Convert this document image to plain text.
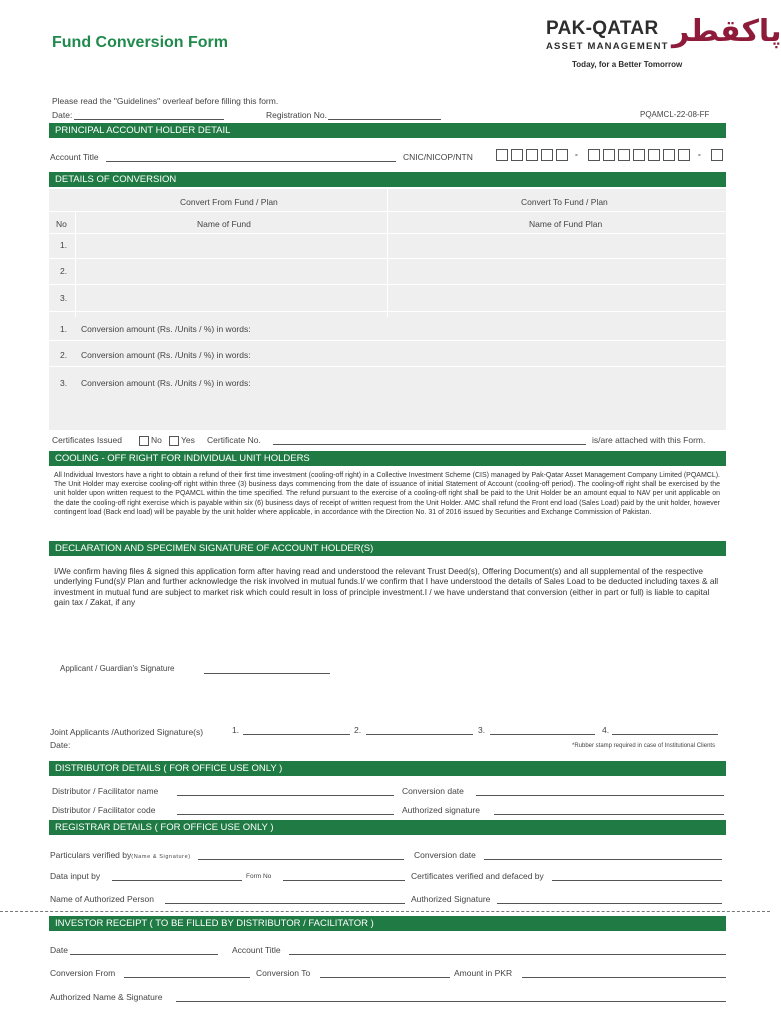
Fund Conversion Form
PAK-QATAR
ASSET MANAGEMENT پاکقطر
Today, for a Better Tomorrow
Please read the "Guidelines" overleaf before filling this form.
Date:	Registration No.	PQAMCL-22-08-FF
PRINCIPAL ACCOUNT HOLDER DETAIL
Account Title	CNIC/NICOP/NTN	-	-
DETAILS OF CONVERSION
Convert From Fund / Plan	Convert To Fund / Plan
No	Name of Fund	Name of Fund Plan
1.
2.
3.
1. Conversion amount (Rs. /Units / %) in words:
2. Conversion amount (Rs. /Units / %) in words:
3. Conversion amount (Rs. /Units / %) in words:
Certificates Issued	No	Yes Certificate No.	is/are attached with this Form.
COOLING - OFF RIGHT FOR INDIVIDUAL UNIT HOLDERS
All Individual Investors have a right to obtain a refund of their first time investment (cooling-off right) in a Collective Investment Scheme (CIS) managed by Pak-Qatar Asset Management Company Limited (PQAMCL). The Unit Holder may exercise cooling-off right within three (3) business days commencing from the date of issuance of initial Statement of Account (cooling-off period). The cooling-off right shall be exercised by the unit holder upon written request to the PQAMCL within the time specified. The refund pursuant to the exercise of a cooling-off right shall be paid to the Unit Holder be an amount equal to NAV per unit applicable on the date the cooling-off right exercise which is payable within six (6) business days of receipt of written request from the Unit Holder. AMC shall refund the Front end load (Sales Load) paid by the unit holder, however contingent load (Back end load) will be payable by the unit holder where applicable, in accordance with the Direction No. 31 of 2016 issued by Securities and Exchange Commission of Pakistan.
DECLARATION AND SPECIMEN SIGNATURE OF ACCOUNT HOLDER(S)
I/We confirm having files & signed this application form after having read and understood the relevant Trust Deed(s), Offering Document(s) and all supplemental of the respective underlying Fund(s)/ Plan and further acknowledge the risk involved in mutual funds.I/ we confirm that I have understood the details of Sales Load to be deducted including taxes & all investment in mutual fund are subject to market risk which could result in loss of principle investment.I / we have understand that conversion (either in part or full) is liable to capital gain tax / Zakat, if any
Applicant / Guardian's Signature
Joint Applicants /Authorized Signature(s)	1.	2.	3.	4.
Date:	*Rubber stamp required in case of Institutional Clients
DISTRIBUTOR DETAILS ( FOR OFFICE USE ONLY )
Distributor / Facilitator name	Conversion date
Distributor / Facilitator code	Authorized signature
REGISTRAR DETAILS ( FOR OFFICE USE ONLY )
Particulars verified by(Name & Signature)	Conversion date
Data input by	Form No	Certificates verified and defaced by
Name of Authorized Person	Authorized Signature
INVESTOR RECEIPT ( TO BE FILLED BY DISTRIBUTOR / FACILITATOR )
Date	Account Title
Conversion From	Conversion To	Amount in PKR
Authorized Name & Signature
